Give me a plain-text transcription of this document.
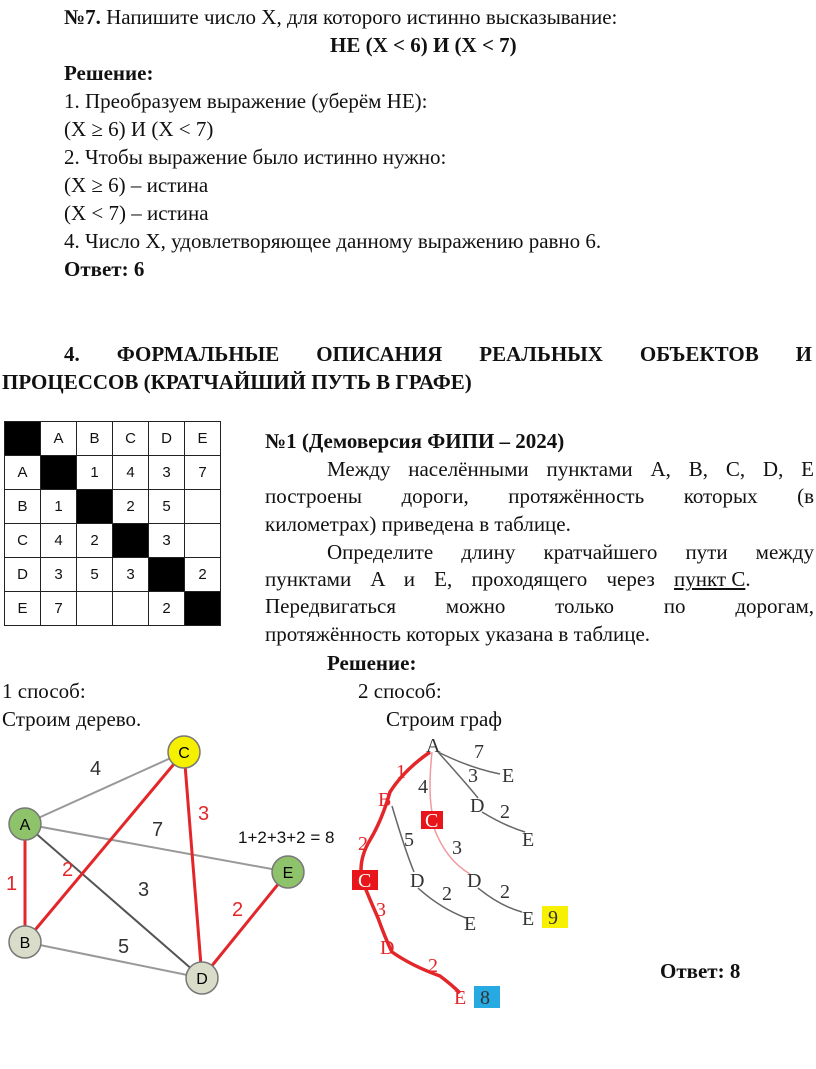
№7. Напишите число X, для которого истинно высказывание:
НЕ (X < 6) И (X < 7)
Решение:
1. Преобразуем выражение (уберём НЕ):
(X ≥ 6) И (X < 7)
2. Чтобы выражение было истинно нужно:
(X ≥ 6) – истина
(X < 7) – истина
4. Число X, удовлетворяющее данному выражению равно 6.
Ответ: 6
4.   ФОРМАЛЬНЫЕ   ОПИСАНИЯ   РЕАЛЬНЫХ   ОБЪЕКТОВ   И
ПРОЦЕССОВ (КРАТЧАЙШИЙ ПУТЬ В ГРАФЕ)
	A	B	C	D	E
A		1	4	3	7
B	1		2	5	
C	4	2		3	
D	3	5	3		2
E	7			2	
№1 (Демоверсия ФИПИ – 2024)
Между населёнными пунктами A, B, C, D, E
построены дороги, протяжённость которых (в
километрах) приведена в таблице.
Определите длину кратчайшего пути между
пунктами A и E, проходящего через пункт C.
Передвигаться можно только по дорогам,
протяжённость которых указана в таблице.
Решение:
1 способ:	2 способ:
Строим дерево.	Строим граф
Ответ: 8
4
7
3
5
1
2
3
2
A
B
C
D
E
1+2+3+2 = 8
A 7
3 E
4
1
B	D 2
E
C
3
5
2
C D
2
E
D 2
E 9
3
D
2
E 8
